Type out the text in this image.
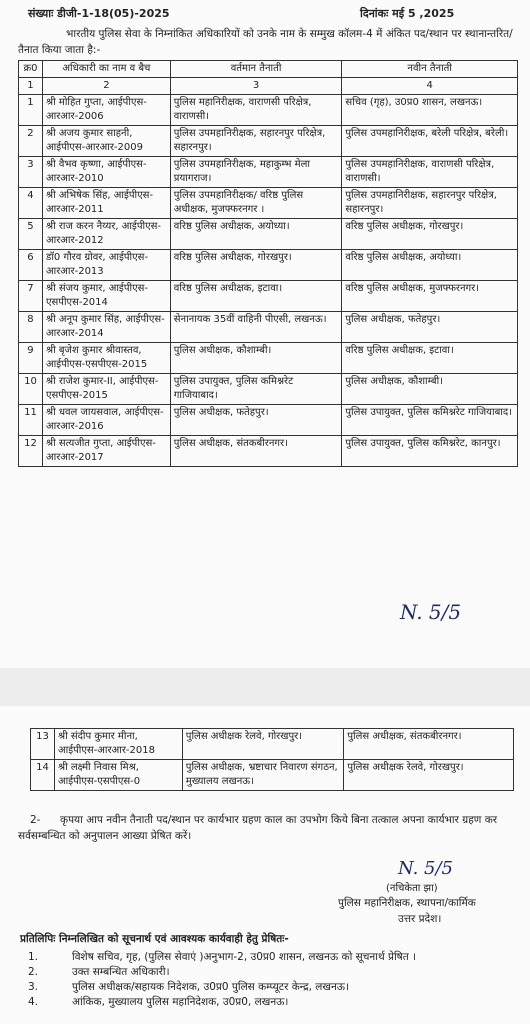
संख्याः डीजी-1-18(05)-2025	दिनांकः मई 5 ,2025
भारतीय पुलिस सेवा के निम्नांकित अधिकारियों को उनके नाम के सम्मुख कॉलम-4 में अंकित पद/स्थान पर स्थानान्तरित/तैनात किया जाता है:-
क्र0	अधिकारी का नाम व बैच	वर्तमान तैनाती	नवीन तैनाती
1	2	3	4
1	श्री मोहित गुप्ता, आईपीएस-आरआर-2006	पुलिस महानिरीक्षक, वाराणसी परिक्षेत्र, वाराणसी।	सचिव (गृह), उ0प्र0 शासन, लखनऊ।
2	श्री अजय कुमार साहनी, आईपीएस-आरआर-2009	पुलिस उपमहानिरीक्षक, सहारनपुर परिक्षेत्र, सहारनपुर।	पुलिस उपमहानिरीक्षक, बरेली परिक्षेत्र, बरेली।
3	श्री वैभव कृष्णा, आईपीएस-आरआर-2010	पुलिस उपमहानिरीक्षक, महाकुम्भ मेला प्रयागराज।	पुलिस उपमहानिरीक्षक, वाराणसी परिक्षेत्र, वाराणसी।
4	श्री अभिषेक सिंह, आईपीएस-आरआर-2011	पुलिस उपमहानिरीक्षक/ वरिष्ठ पुलिस अधीक्षक, मुजफ्फरनगर ।	पुलिस उपमहानिरीक्षक, सहारनपुर परिक्षेत्र, सहारनपुर।
5	श्री राज करन नैय्यर, आईपीएस-आरआर-2012	वरिष्ठ पुलिस अधीक्षक, अयोध्या।	वरिष्ठ पुलिस अधीक्षक, गोरखपुर।
6	डॉ0 गौरव ग्रोवर, आईपीएस-आरआर-2013	वरिष्ठ पुलिस अधीक्षक, गोरखपुर।	वरिष्ठ पुलिस अधीक्षक, अयोध्या।
7	श्री संजय कुमार, आईपीएस-एसपीएस-2014	वरिष्ठ पुलिस अधीक्षक, इटावा।	वरिष्ठ पुलिस अधीक्षक, मुजफ्फरनगर।
8	श्री अनूप कुमार सिंह, आईपीएस-आरआर-2014	सेनानायक 35वीं वाहिनी पीएसी, लखनऊ।	पुलिस अधीक्षक, फतेहपुर।
9	श्री बृजेश कुमार श्रीवास्तव, आईपीएस-एसपीएस-2015	पुलिस अधीक्षक, कौशाम्बी।	वरिष्ठ पुलिस अधीक्षक, इटावा।
10	श्री राजेश कुमार-II, आईपीएस-एसपीएस-2015	पुलिस उपायुक्त, पुलिस कमिश्नरेट गाजियाबाद।	पुलिस अधीक्षक, कौशाम्बी।
11	श्री धवल जायसवाल, आईपीएस-आरआर-2016	पुलिस अधीक्षक, फतेहपुर।	पुलिस उपायुक्त, पुलिस कमिश्नरेट गाजियाबाद।
12	श्री सत्यजीत गुप्ता, आईपीएस-आरआर-2017	पुलिस अधीक्षक, संतकबीरनगर।	पुलिस उपायुक्त, पुलिस कमिश्नरेट, कानपुर।
N. 5/5
13	श्री संदीप कुमार मीना, आईपीएस-आरआर-2018	पुलिस अधीक्षक रेलवे, गोरखपुर।	पुलिस अधीक्षक, संतकबीरनगर।
14	श्री लक्ष्मी निवास मिश्र, आईपीएस-एसपीएस-0	पुलिस अधीक्षक, भ्रष्टाचार निवारण संगठन, मुख्यालय लखनऊ।	पुलिस अधीक्षक रेलवे, गोरखपुर।
2- कृपया आप नवीन तैनाती पद/स्थान पर कार्यभार ग्रहण काल का उपभोग किये बिना तत्काल अपना कार्यभार ग्रहण कर सर्वसम्बन्धित को अनुपालन आख्या प्रेषित करें।
N. 5/5
(नचिकेता झा)
पुलिस महानिरीक्षक, स्थापना/कार्मिक
उत्तर प्रदेश।
प्रतिलिपिः निम्नलिखित को सूचनार्थ एवं आवश्यक कार्यवाही हेतु प्रेषितः-
1.	विशेष सचिव, गृह, (पुलिस सेवाएं )अनुभाग-2, उ0प्र0 शासन, लखनऊ को सूचनार्थ प्रेषित ।
2.	उक्त सम्बन्धित अधिकारी।
3.	पुलिस अधीक्षक/सहायक निदेशक, उ0प्र0 पुलिस कम्प्यूटर केन्द्र, लखनऊ।
4.	आंकिक, मुख्यालय पुलिस महानिदेशक, उ0प्र0, लखनऊ।
